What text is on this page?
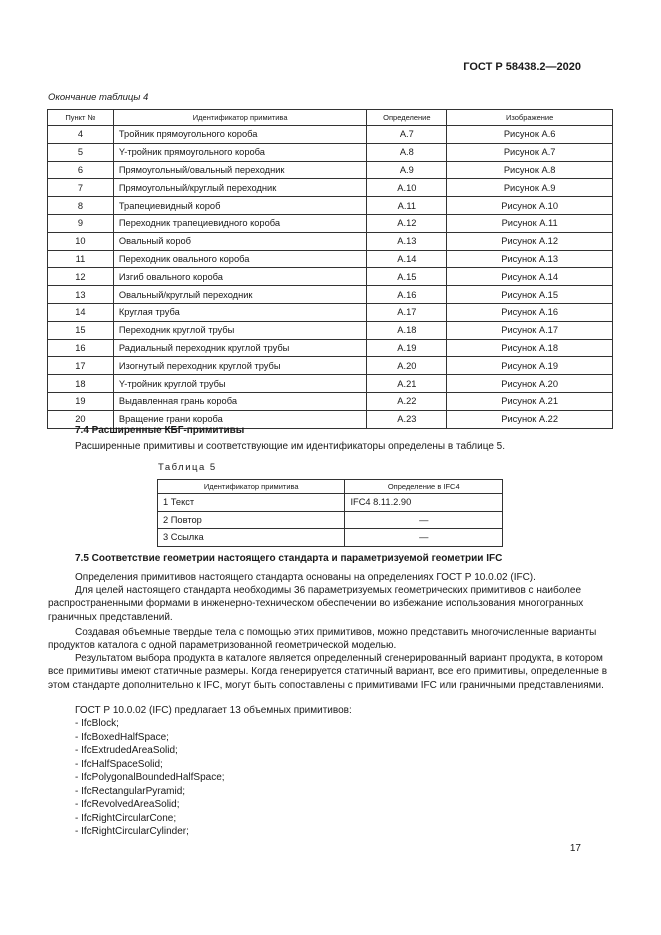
ГОСТ Р 58438.2—2020
Окончание таблицы 4
Пункт №	Идентификатор примитива	Определение	Изображение
4	Тройник прямоугольного короба	A.7	Рисунок A.6
5	Y-тройник прямоугольного короба	A.8	Рисунок A.7
6	Прямоугольный/овальный переходник	A.9	Рисунок A.8
7	Прямоугольный/круглый переходник	A.10	Рисунок A.9
8	Трапециевидный короб	A.11	Рисунок A.10
9	Переходник трапециевидного короба	A.12	Рисунок A.11
10	Овальный короб	A.13	Рисунок A.12
11	Переходник овального короба	A.14	Рисунок A.13
12	Изгиб овального короба	A.15	Рисунок A.14
13	Овальный/круглый переходник	A.16	Рисунок A.15
14	Круглая труба	A.17	Рисунок A.16
15	Переходник круглой трубы	A.18	Рисунок A.17
16	Радиальный переходник круглой трубы	A.19	Рисунок A.18
17	Изогнутый переходник круглой трубы	A.20	Рисунок A.19
18	Y-тройник круглой трубы	A.21	Рисунок A.20
19	Выдавленная грань короба	A.22	Рисунок A.21
20	Вращение грани короба	A.23	Рисунок A.22
7.4 Расширенные КБГ-примитивы
Расширенные примитивы и соответствующие им идентификаторы определены в таблице 5.
Таблица 5
Идентификатор примитива	Определение в IFC4
1 Текст	IFC4 8.11.2.90
2 Повтор	—
3 Ссылка	—
7.5 Соответствие геометрии настоящего стандарта и параметризуемой геометрии IFC
Определения примитивов настоящего стандарта основаны на определениях ГОСТ Р 10.0.02 (IFC).
Для целей настоящего стандарта необходимы 36 параметризуемых геометрических примитивов с наиболее распространенными формами в инженерно-техническом обеспечении во избежание использования многогранных граничных представлений.
Создавая объемные твердые тела с помощью этих примитивов, можно представить многочисленные варианты продуктов каталога с одной параметризованной геометрической моделью.
Результатом выбора продукта в каталоге является определенный сгенерированный вариант продукта, в котором все примитивы имеют статичные размеры. Когда генерируется статичный вариант, все его примитивы, определенные в этом стандарте дополнительно к IFC, могут быть сопоставлены с примитивами IFC или граничными представлениями.
ГОСТ Р 10.0.02 (IFC) предлагает 13 объемных примитивов:
- IfcBlock;
- IfcBoxedHalfSpace;
- IfcExtrudedAreaSolid;
- IfcHalfSpaceSolid;
- IfcPolygonalBoundedHalfSpace;
- IfcRectangularPyramid;
- IfcRevolvedAreaSolid;
- IfcRightCircularCone;
- IfcRightCircularCylinder;
17
